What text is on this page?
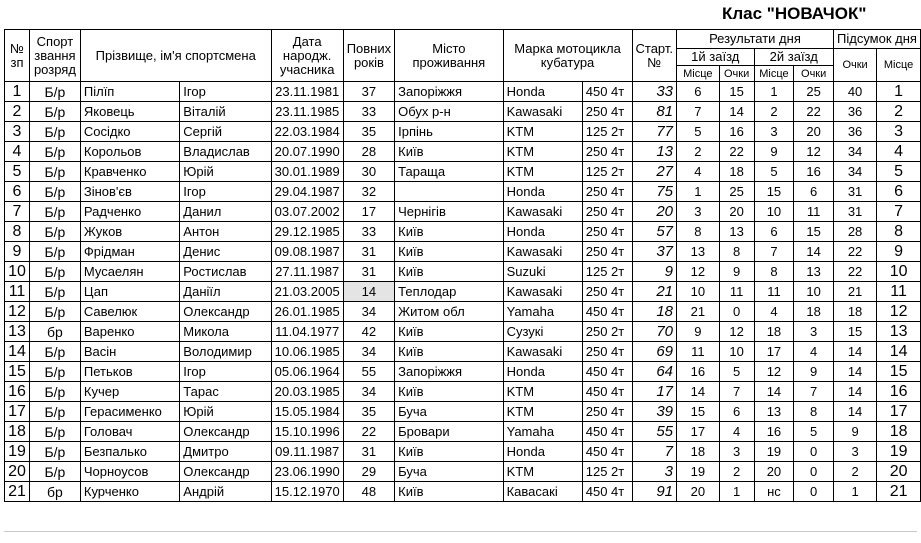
Клас "НОВАЧОК"
№ зп	Спорт звання розряд	Прізвище, ім'я спортсмена		Дата народж. учасника	Повних років	Місто проживання	Марка мотоцикла кубатура		Старт. №	Результати дня				Підсумок дня	
										1й заїзд		2й заїзд		Очки	Місце
										Місце	Очки	Місце	Очки		
1	Б/р	Пілїп	Ігор	23.11.1981	37	Запоріжжя	Honda	450 4т	33	6	15	1	25	40	1
2	Б/р	Яковець	Віталій	23.11.1985	33	Обух р-н	Kawasaki	250 4т	81	7	14	2	22	36	2
3	Б/р	Сосідко	Сергій	22.03.1984	35	Ірпінь	KTM	125 2т	77	5	16	3	20	36	3
4	Б/р	Корольов	Владислав	20.07.1990	28	Київ	KTM	250 4т	13	2	22	9	12	34	4
5	Б/р	Кравченко	Юрій	30.01.1989	30	Тараща	KTM	125 2т	27	4	18	5	16	34	5
6	Б/р	Зінов'єв	Ігор	29.04.1987	32		Honda	250 4т	75	1	25	15	6	31	6
7	Б/р	Радченко	Данил	03.07.2002	17	Чернігів	Kawasaki	250 4т	20	3	20	10	11	31	7
8	Б/р	Жуков	Антон	29.12.1985	33	Київ	Honda	250 4т	57	8	13	6	15	28	8
9	Б/р	Фрідман	Денис	09.08.1987	31	Київ	Kawasaki	250 4т	37	13	8	7	14	22	9
10	Б/р	Мусаелян	Ростислав	27.11.1987	31	Київ	Suzuki	125 2т	9	12	9	8	13	22	10
11	Б/р	Цап	Даніїл	21.03.2005	14	Теплодар	Kawasaki	250 4т	21	10	11	11	10	21	11
12	Б/р	Савелюк	Олександр	26.01.1985	34	Житом обл	Yamaha	450 4т	18	21	0	4	18	18	12
13	бр	Варенко	Микола	11.04.1977	42	Київ	Сузукі	250 2т	70	9	12	18	3	15	13
14	Б/р	Васін	Володимир	10.06.1985	34	Київ	Kawasaki	250 4т	69	11	10	17	4	14	14
15	Б/р	Петьков	Ігор	05.06.1964	55	Запоріжжя	Honda	450 4т	64	16	5	12	9	14	15
16	Б/р	Кучер	Тарас	20.03.1985	34	Київ	KTM	450 4т	17	14	7	14	7	14	16
17	Б/р	Герасименко	Юрій	15.05.1984	35	Буча	KTM	250 4т	39	15	6	13	8	14	17
18	Б/р	Головач	Олександр	15.10.1996	22	Бровари	Yamaha	450 4т	55	17	4	16	5	9	18
19	Б/р	Безпалько	Дмитро	09.11.1987	31	Київ	Honda	450 4т	7	18	3	19	0	3	19
20	Б/р	Чорноусов	Олександр	23.06.1990	29	Буча	KTM	125 2т	3	19	2	20	0	2	20
21	бр	Курченко	Андрій	15.12.1970	48	Київ	Кавасакі	450 4т	91	20	1	нс	0	1	21
